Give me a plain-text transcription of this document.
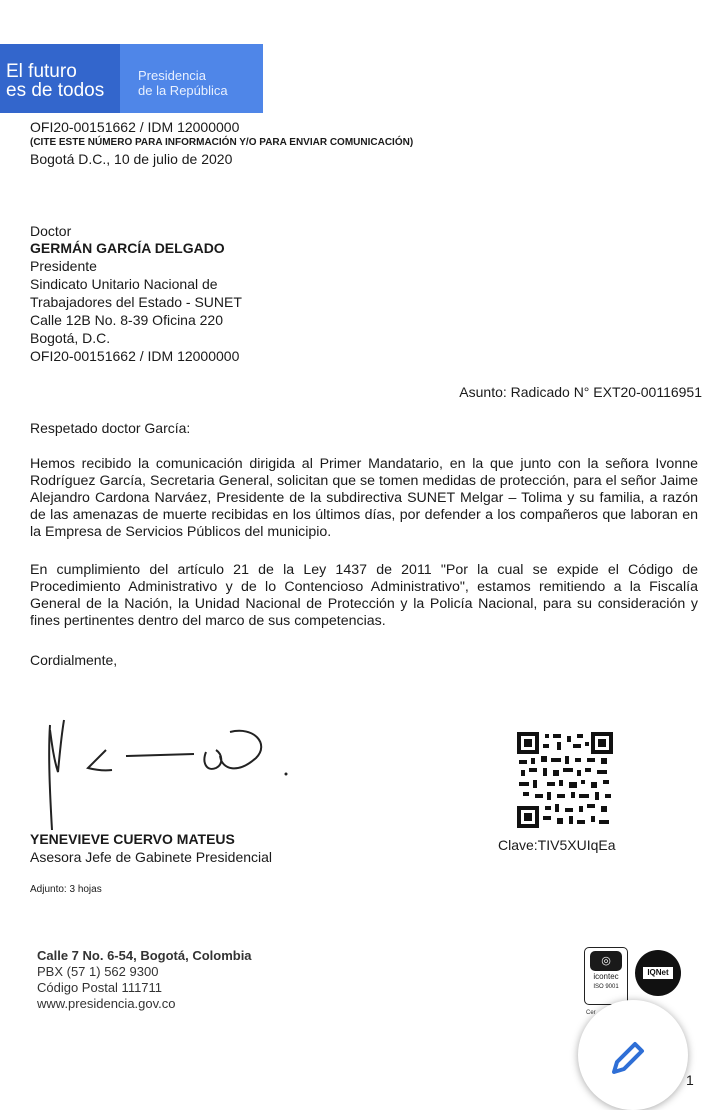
El futuro
es de todos
Presidencia
de la República
OFI20-00151662 / IDM 12000000
(CITE ESTE NÚMERO PARA INFORMACIÓN Y/O PARA ENVIAR COMUNICACIÓN)
Bogotá D.C., 10 de julio de 2020
Doctor
GERMÁN GARCÍA DELGADO
Presidente
Sindicato Unitario Nacional de
Trabajadores del Estado - SUNET
Calle 12B No. 8-39 Oficina 220
Bogotá, D.C.
OFI20-00151662 / IDM 12000000
Asunto: Radicado N° EXT20-00116951
Respetado doctor García:
Hemos recibido la comunicación dirigida al Primer Mandatario, en la que junto con la señora Ivonne Rodríguez García, Secretaria General, solicitan que se tomen medidas de protección, para el señor Jaime Alejandro Cardona Narváez, Presidente de la subdirectiva SUNET Melgar – Tolima y su familia, a razón de las amenazas de muerte recibidas en los últimos días, por defender a los compañeros que laboran en la Empresa de Servicios Públicos del municipio.
En cumplimiento del artículo 21 de la Ley 1437 de 2011 "Por la cual se expide el Código de Procedimiento Administrativo y de lo Contencioso Administrativo", estamos remitiendo a la Fiscalía General de la Nación, la Unidad Nacional de Protección y la Policía Nacional, para su consideración y fines pertinentes dentro del marco de sus competencias.
Cordialmente,
YENEVIEVE CUERVO MATEUS
Asesora Jefe de Gabinete Presidencial
Adjunto: 3 hojas
Clave:TIV5XUIqEa
Calle 7 No. 6-54, Bogotá, Colombia
PBX (57 1) 562 9300
Código Postal 111711
www.presidencia.gov.co
◎
icontec
ISO 9001
IQNet
Cer
1
